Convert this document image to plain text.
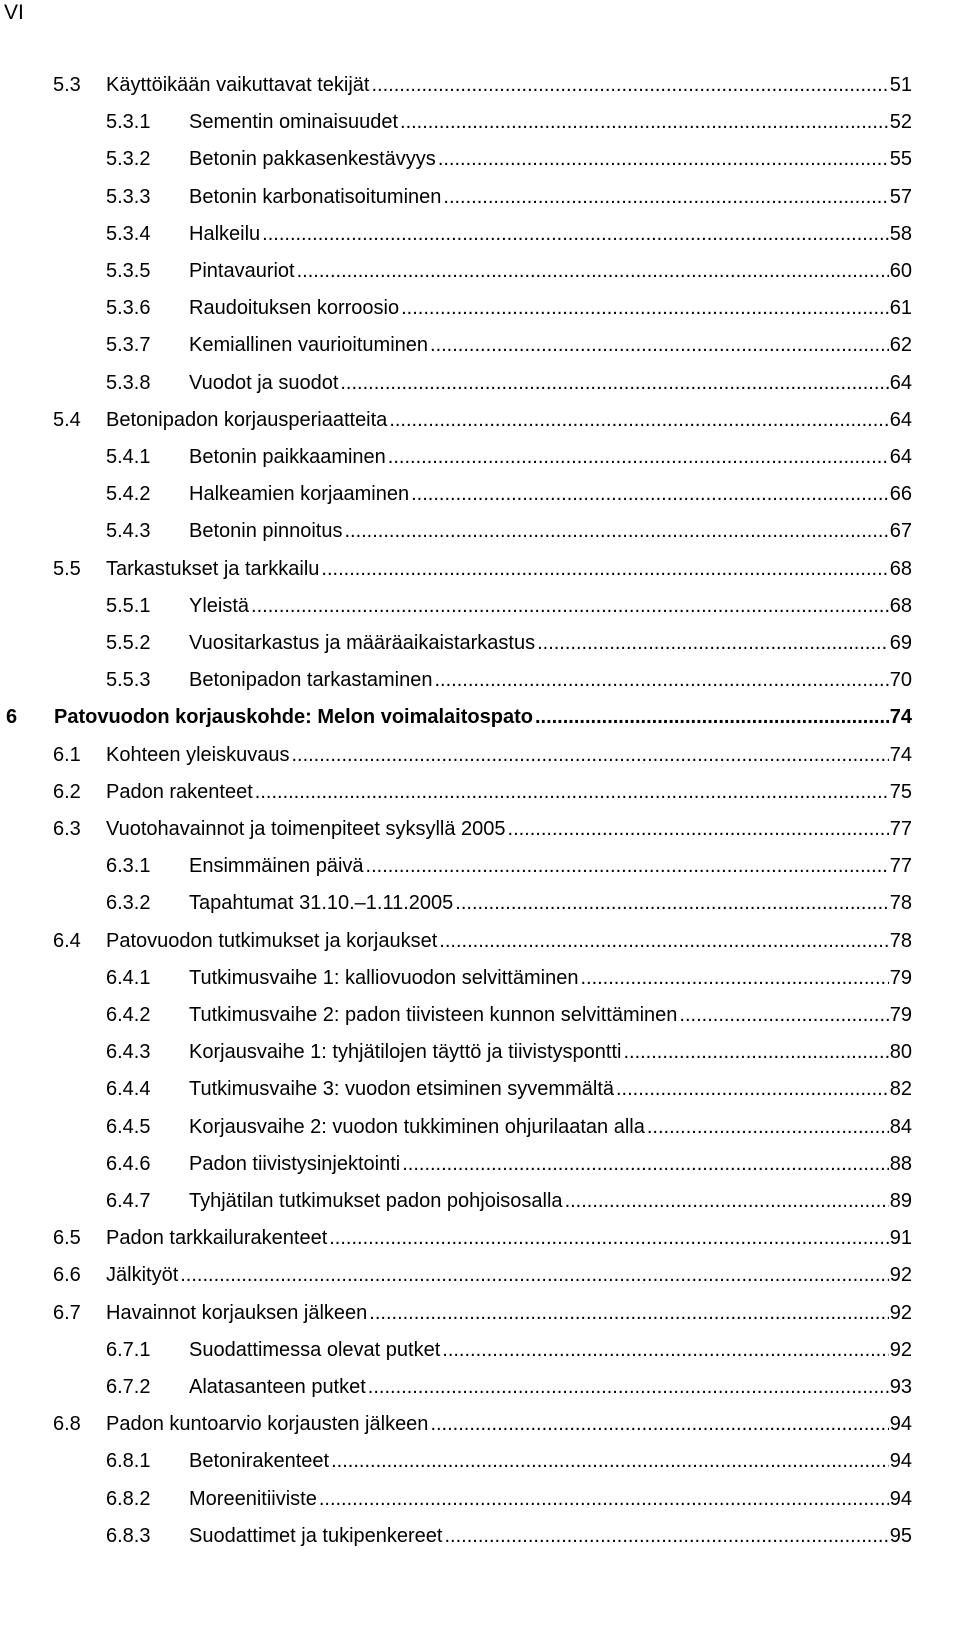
VI
5.3 Käyttöikään vaikuttavat tekijät .....	51
5.3.1 Sementin ominaisuudet .....	52
5.3.2 Betonin pakkasenkestävyys .....	55
5.3.3 Betonin karbonatisoituminen .....	57
5.3.4 Halkeilu .....	58
5.3.5 Pintavauriot .....	60
5.3.6 Raudoituksen korroosio .....	61
5.3.7 Kemiallinen vaurioituminen .....	62
5.3.8 Vuodot ja suodot .....	64
5.4 Betonipadon korjausperiaatteita .....	64
5.4.1 Betonin paikkaaminen .....	64
5.4.2 Halkeamien korjaaminen .....	66
5.4.3 Betonin pinnoitus .....	67
5.5 Tarkastukset ja tarkkailu .....	68
5.5.1 Yleistä .....	68
5.5.2 Vuositarkastus ja määräaikaistarkastus .....	69
5.5.3 Betonipadon tarkastaminen .....	70
6 Patovuodon korjauskohde: Melon voimalaitospato .....	74
6.1 Kohteen yleiskuvaus .....	74
6.2 Padon rakenteet .....	75
6.3 Vuotohavainnot ja toimenpiteet syksyllä 2005 .....	77
6.3.1 Ensimmäinen päivä .....	77
6.3.2 Tapahtumat 31.10.–1.11.2005 .....	78
6.4 Patovuodon tutkimukset ja korjaukset .....	78
6.4.1 Tutkimusvaihe 1: kalliovuodon selvittäminen .....	79
6.4.2 Tutkimusvaihe 2: padon tiivisteen kunnon selvittäminen .....	79
6.4.3 Korjausvaihe 1: tyhjätilojen täyttö ja tiivistyspontti .....	80
6.4.4 Tutkimusvaihe 3: vuodon etsiminen syvemmältä .....	82
6.4.5 Korjausvaihe 2: vuodon tukkiminen ohjurilaatan alla .....	84
6.4.6 Padon tiivistysinjektointi .....	88
6.4.7 Tyhjätilan tutkimukset padon pohjoisosalla .....	89
6.5 Padon tarkkailurakenteet .....	91
6.6 Jälkityöt .....	92
6.7 Havainnot korjauksen jälkeen .....	92
6.7.1 Suodattimessa olevat putket .....	92
6.7.2 Alatasanteen putket .....	93
6.8 Padon kuntoarvio korjausten jälkeen .....	94
6.8.1 Betonirakenteet .....	94
6.8.2 Moreenitiiviste .....	94
6.8.3 Suodattimet ja tukipenkereet .....	95
